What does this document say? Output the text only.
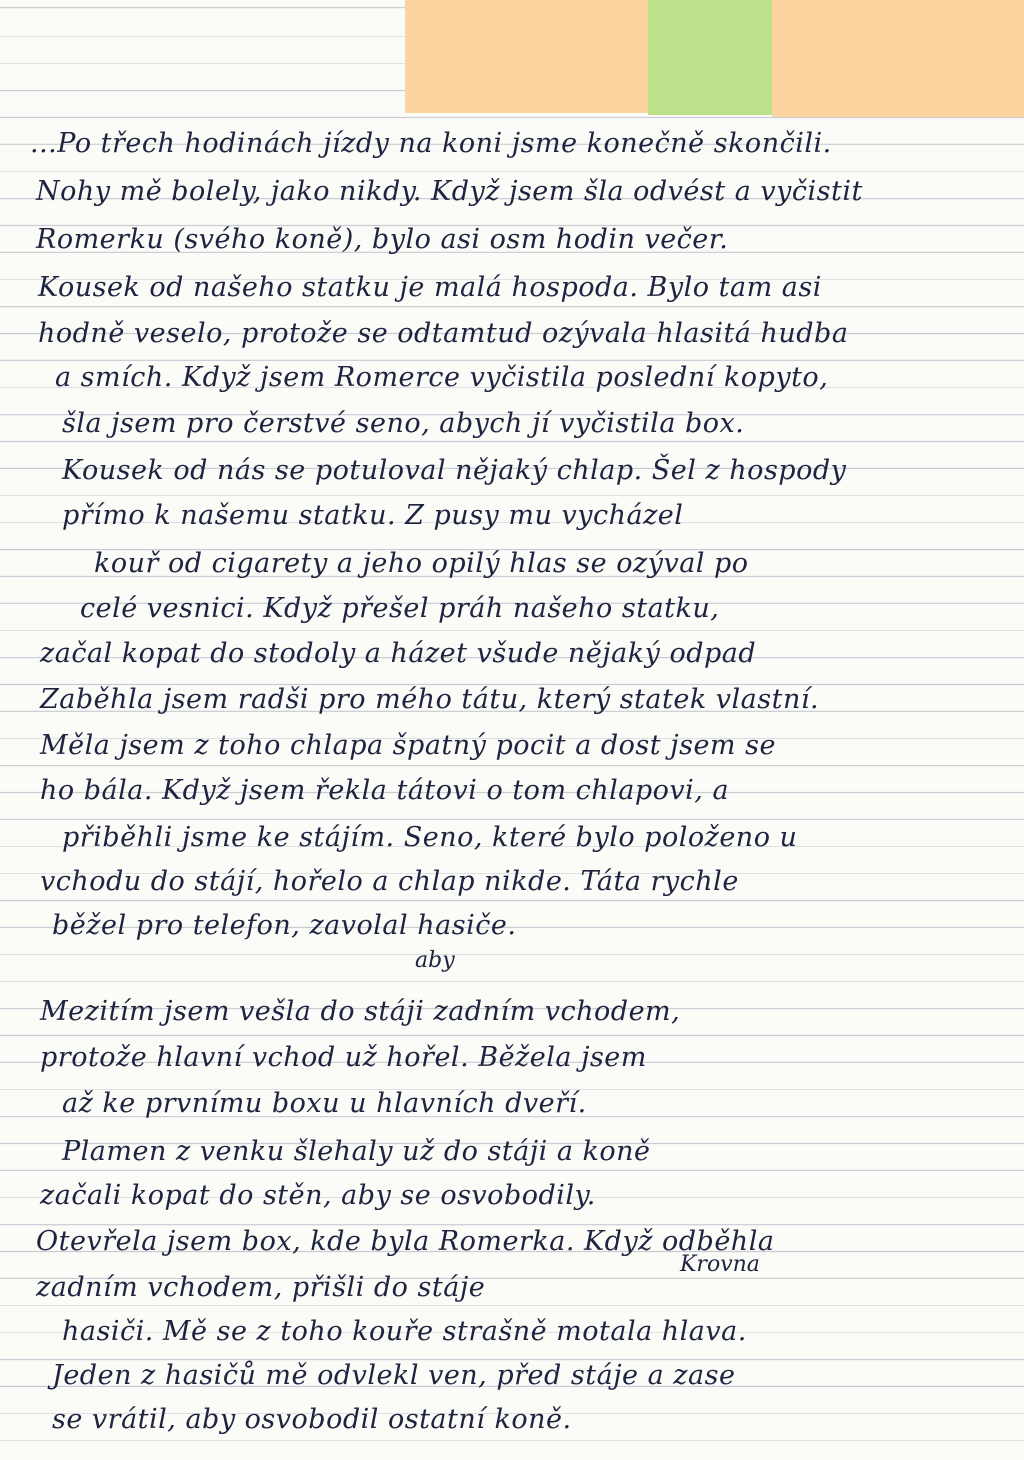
...Po třech hodinách jízdy na koni jsme konečně skončili.
Nohy mě bolely, jako nikdy. Když jsem šla odvést a vyčistit
Romerku (svého koně), bylo asi osm hodin večer.
Kousek od našeho statku je malá hospoda. Bylo tam asi
hodně veselo, protože se odtamtud ozývala hlasitá hudba
a smích. Když jsem Romerce vyčistila poslední kopyto,
šla jsem pro čerstvé seno, abych jí vyčistila box.
Kousek od nás se potuloval nějaký chlap. Šel z hospody
přímo k našemu statku. Z pusy mu vycházel
kouř od cigarety a jeho opilý hlas se ozýval po
celé vesnici. Když přešel práh našeho statku,
začal kopat do stodoly a házet všude nějaký odpad
Zaběhla jsem radši pro mého tátu, který statek vlastní.
Měla jsem z toho chlapa špatný pocit a dost jsem se
ho bála. Když jsem řekla tátovi o tom chlapovi, a
přiběhli jsme ke stájím. Seno, které bylo položeno u
vchodu do stájí, hořelo a chlap nikde. Táta rychle
běžel pro telefon, zavolal hasiče.
aby
Mezitím jsem vešla do stáji zadním vchodem,
protože hlavní vchod už hořel. Běžela jsem
až ke prvnímu boxu u hlavních dveří.
Plamen z venku šlehaly už do stáji a koně
začali kopat do stěn, aby se osvobodily.
Otevřela jsem box, kde byla Romerka. Když odběhla
Krovna
zadním vchodem, přišli do stáje
hasiči. Mě se z toho kouře strašně motala hlava.
Jeden z hasičů mě odvlekl ven, před stáje a zase
se vrátil, aby osvobodil ostatní koně.
